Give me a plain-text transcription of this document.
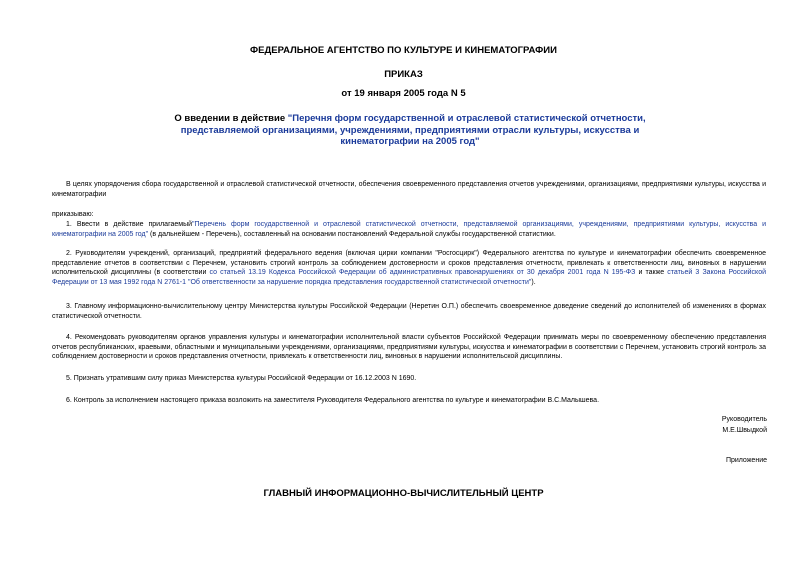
ФЕДЕРАЛЬНОЕ АГЕНТСТВО ПО КУЛЬТУРЕ И КИНЕМАТОГРАФИИ
ПРИКАЗ
от 19 января 2005 года N 5
О введении в действие "Перечня форм государственной и отраслевой статистической отчетности, представляемой организациями, учреждениями, предприятиями отрасли культуры, искусства и кинематографии на 2005 год"
В целях упорядочения сбора государственной и отраслевой статистической отчетности, обеспечения своевременного представления отчетов учреждениями, организациями, предприятиями культуры, искусства и кинематографии
приказываю:
1. Ввести в действие прилагаемый"Перечень форм государственной и отраслевой статистической отчетности, представляемой организациями, учреждениями, предприятиями культуры, искусства и кинематографии на 2005 год" (в дальнейшем - Перечень), составленный на основании постановлений Федеральной службы государственной статистики.
2. Руководителям учреждений, организаций, предприятий федерального ведения (включая цирки компании "Росгосцирк") Федерального агентства по культуре и кинематографии обеспечить своевременное представление отчетов в соответствии с Перечнем, установить строгий контроль за соблюдением достоверности и сроков представления отчетности, привлекать к ответственности лиц, виновных в нарушении исполнительской дисциплины (в соответствии со статьей 13.19 Кодекса Российской Федерации об административных правонарушениях от 30 декабря 2001 года N 195-ФЗ и также статьей 3 Закона Российской Федерации от 13 мая 1992 года N 2761-1 "Об ответственности за нарушение порядка представления государственной статистической отчетности").
3. Главному информационно-вычислительному центру Министерства культуры Российской Федерации (Неретин О.П.) обеспечить своевременное доведение сведений до исполнителей об изменениях в формах статистической отчетности.
4. Рекомендовать руководителям органов управления культуры и кинематографии исполнительной власти субъектов Российской Федерации принимать меры по своевременному обеспечению представления отчетов республиканских, краевыми, областными и муниципальными учреждениями, организациями, предприятиями культуры, искусства и кинематографии в соответствии с Перечнем, установить строгий контроль за соблюдением достоверности и сроков представления отчетности, привлекать к ответственности лиц, виновных в нарушении исполнительской дисциплины.
5. Признать утратившим силу приказ Министерства культуры Российской Федерации от 16.12.2003 N 1690.
6. Контроль за исполнением настоящего приказа возложить на заместителя Руководителя Федерального агентства по культуре и кинематографии В.С.Малышева.
Руководитель
М.Е.Швыдкой
Приложение
ГЛАВНЫЙ ИНФОРМАЦИОННО-ВЫЧИСЛИТЕЛЬНЫЙ ЦЕНТР
